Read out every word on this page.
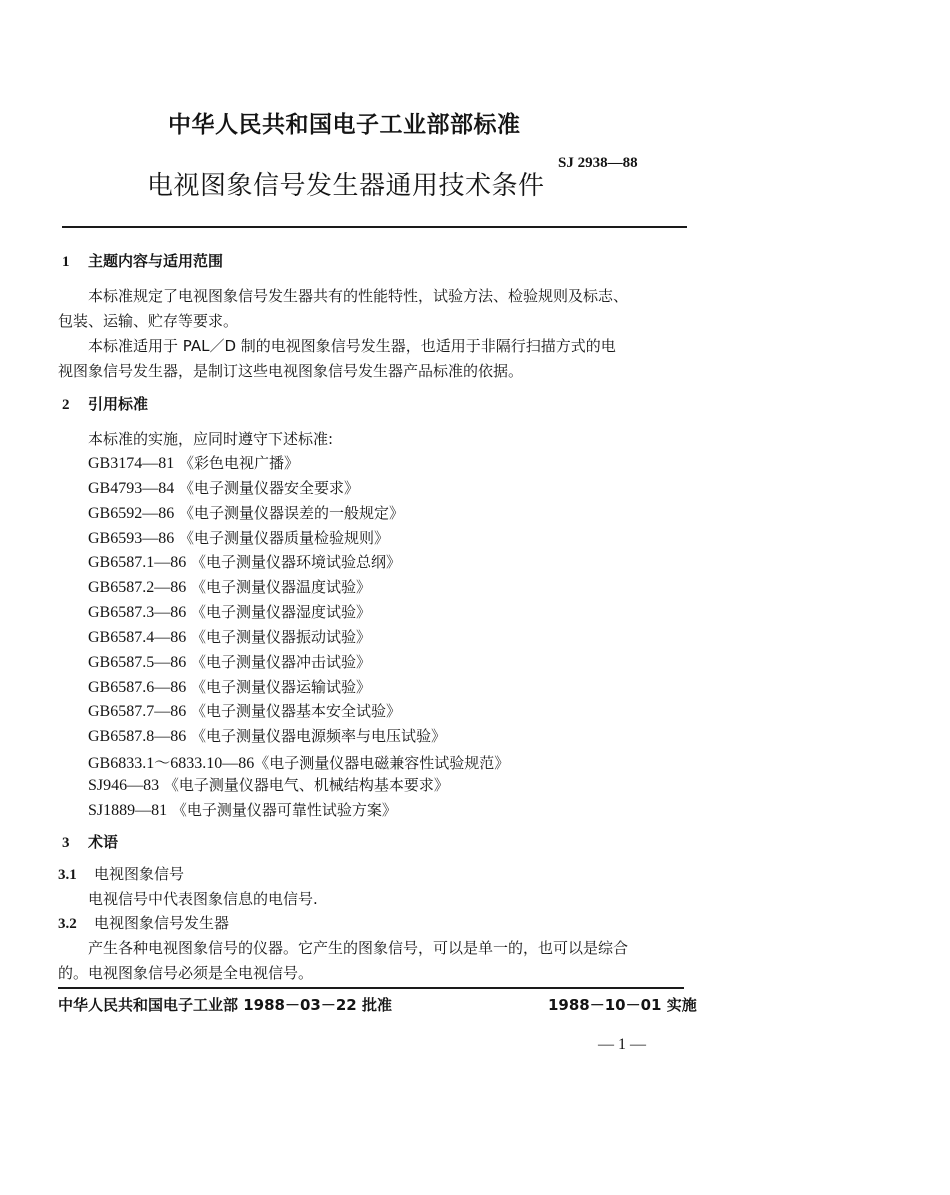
中华人民共和国电子工业部部标准
电视图象信号发生器通用技术条件
SJ 2938—88
1 主题内容与适用范围
本标准规定了电视图象信号发生器共有的性能特性，试验方法、检验规则及标志、
包装、运输、贮存等要求。
本标准适用于 PAL／D 制的电视图象信号发生器，也适用于非隔行扫描方式的电
视图象信号发生器，是制订这些电视图象信号发生器产品标准的依据。
2 引用标准
本标准的实施，应同时遵守下述标准:
GB3174—81 《彩色电视广播》
GB4793—84 《电子测量仪器安全要求》
GB6592—86 《电子测量仪器误差的一般规定》
GB6593—86 《电子测量仪器质量检验规则》
GB6587.1—86 《电子测量仪器环境试验总纲》
GB6587.2—86 《电子测量仪器温度试验》
GB6587.3—86 《电子测量仪器湿度试验》
GB6587.4—86 《电子测量仪器振动试验》
GB6587.5—86 《电子测量仪器冲击试验》
GB6587.6—86 《电子测量仪器运输试验》
GB6587.7—86 《电子测量仪器基本安全试验》
GB6587.8—86 《电子测量仪器电源频率与电压试验》
GB6833.1～6833.10—86《电子测量仪器电磁兼容性试验规范》
SJ946—83 《电子测量仪器电气、机械结构基本要求》
SJ1889—81 《电子测量仪器可靠性试验方案》
3 术语
3.1 电视图象信号
电视信号中代表图象信息的电信号.
3.2 电视图象信号发生器
产生各种电视图象信号的仪器。它产生的图象信号，可以是单一的，也可以是综合
的。电视图象信号必须是全电视信号。
中华人民共和国电子工业部 1988－03－22 批准	1988－10－01 实施
— 1 —
